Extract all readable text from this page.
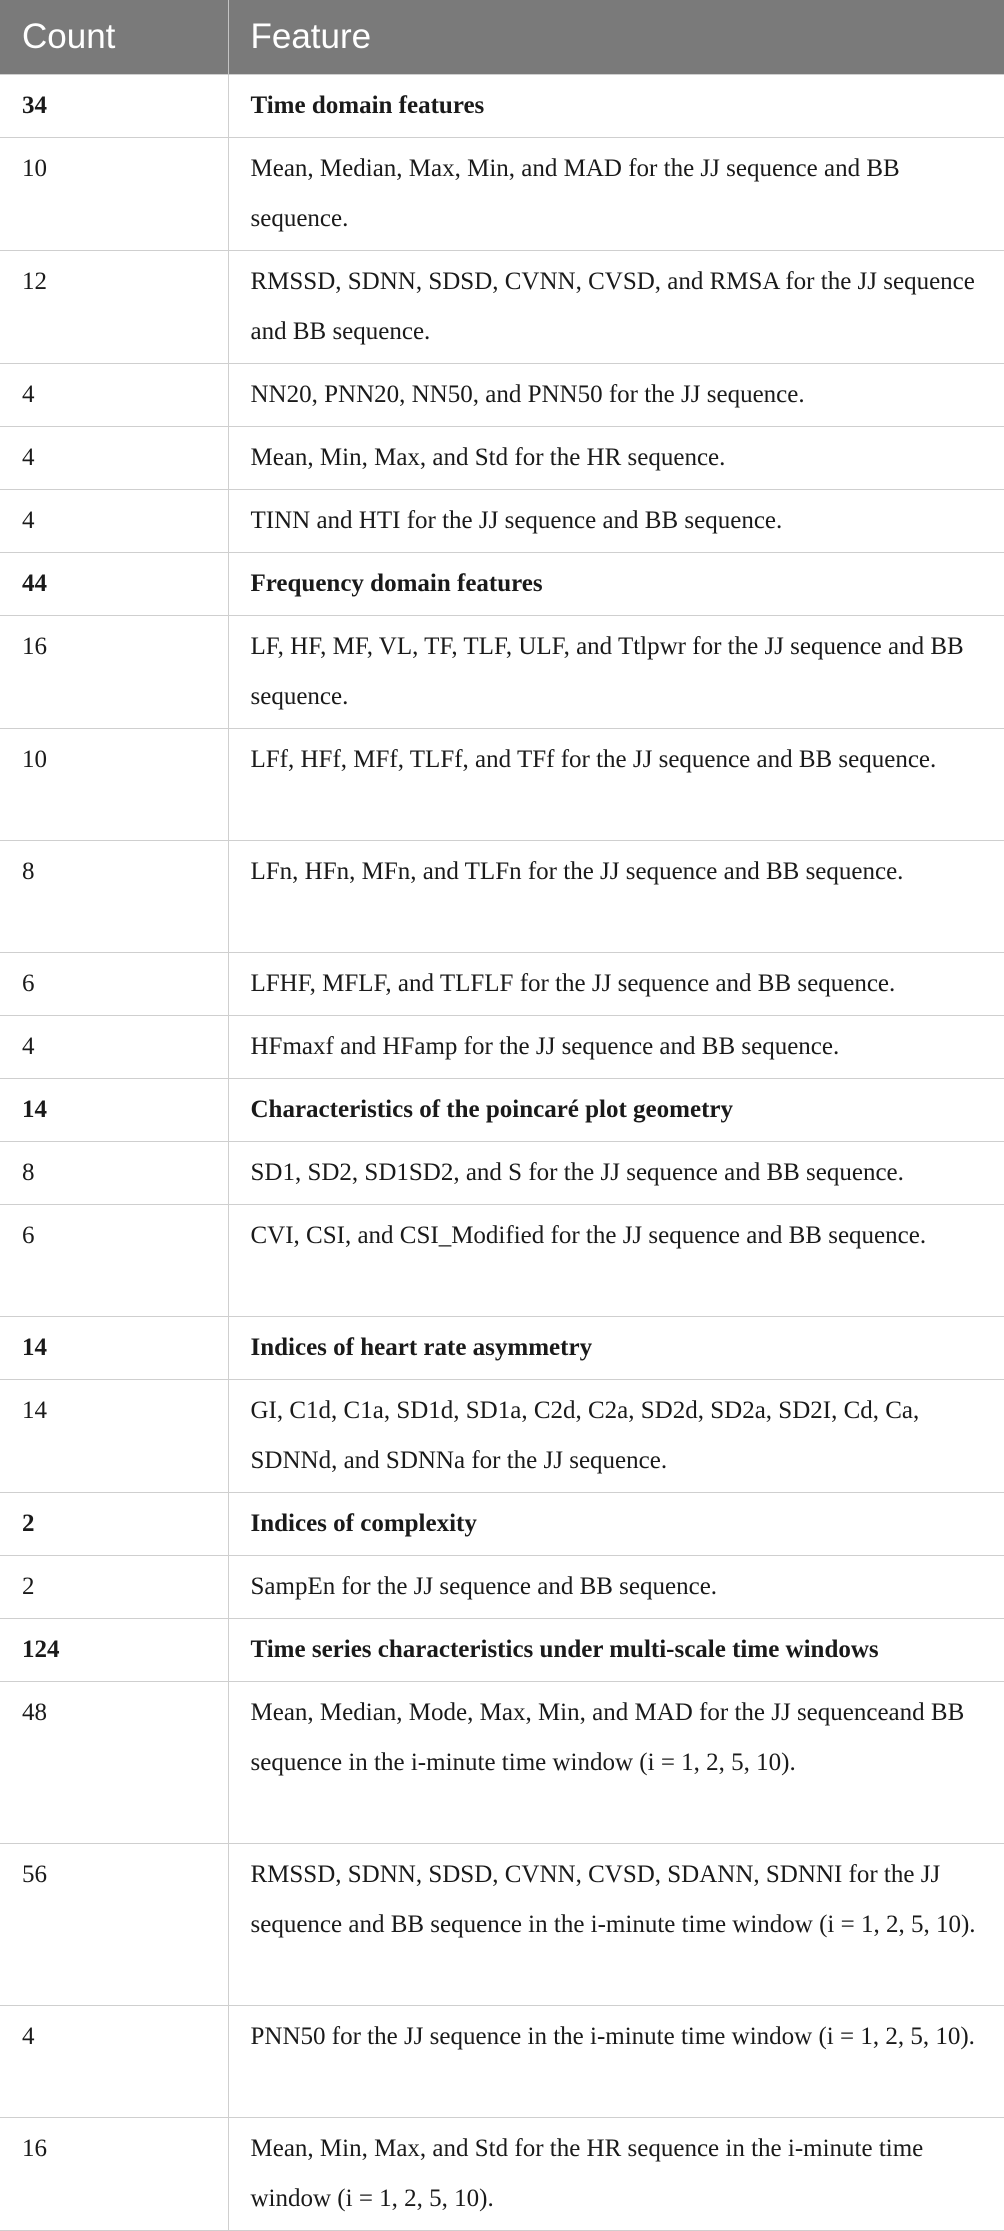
Count	Feature
34	Time domain features
10	Mean, Median, Max, Min, and MAD for the JJ sequence and BB sequence.
12	RMSSD, SDNN, SDSD, CVNN, CVSD, and RMSA for the JJ sequence and BB sequence.
4	NN20, PNN20, NN50, and PNN50 for the JJ sequence.
4	Mean, Min, Max, and Std for the HR sequence.
4	TINN and HTI for the JJ sequence and BB sequence.
44	Frequency domain features
16	LF, HF, MF, VL, TF, TLF, ULF, and Ttlpwr for the JJ sequence and BB sequence.
10	LFf, HFf, MFf, TLFf, and TFf for the JJ sequence and BB sequence.
8	LFn, HFn, MFn, and TLFn for the JJ sequence and BB sequence.
6	LFHF, MFLF, and TLFLF for the JJ sequence and BB sequence.
4	HFmaxf and HFamp for the JJ sequence and BB sequence.
14	Characteristics of the poincaré plot geometry
8	SD1, SD2, SD1SD2, and S for the JJ sequence and BB sequence.
6	CVI, CSI, and CSI_Modified for the JJ sequence and BB sequence.
14	Indices of heart rate asymmetry
14	GI, C1d, C1a, SD1d, SD1a, C2d, C2a, SD2d, SD2a, SD2I, Cd, Ca, SDNNd, and SDNNa for the JJ sequence.
2	Indices of complexity
2	SampEn for the JJ sequence and BB sequence.
124	Time series characteristics under multi-scale time windows
48	Mean, Median, Mode, Max, Min, and MAD for the JJ sequenceand BB sequence in the i-minute time window (i = 1, 2, 5, 10).
56	RMSSD, SDNN, SDSD, CVNN, CVSD, SDANN, SDNNI for the JJ sequence and BB sequence in the i-minute time window (i = 1, 2, 5, 10).
4	PNN50 for the JJ sequence in the i-minute time window (i = 1, 2, 5, 10).
16	Mean, Min, Max, and Std for the HR sequence in the i-minute time window (i = 1, 2, 5, 10).
